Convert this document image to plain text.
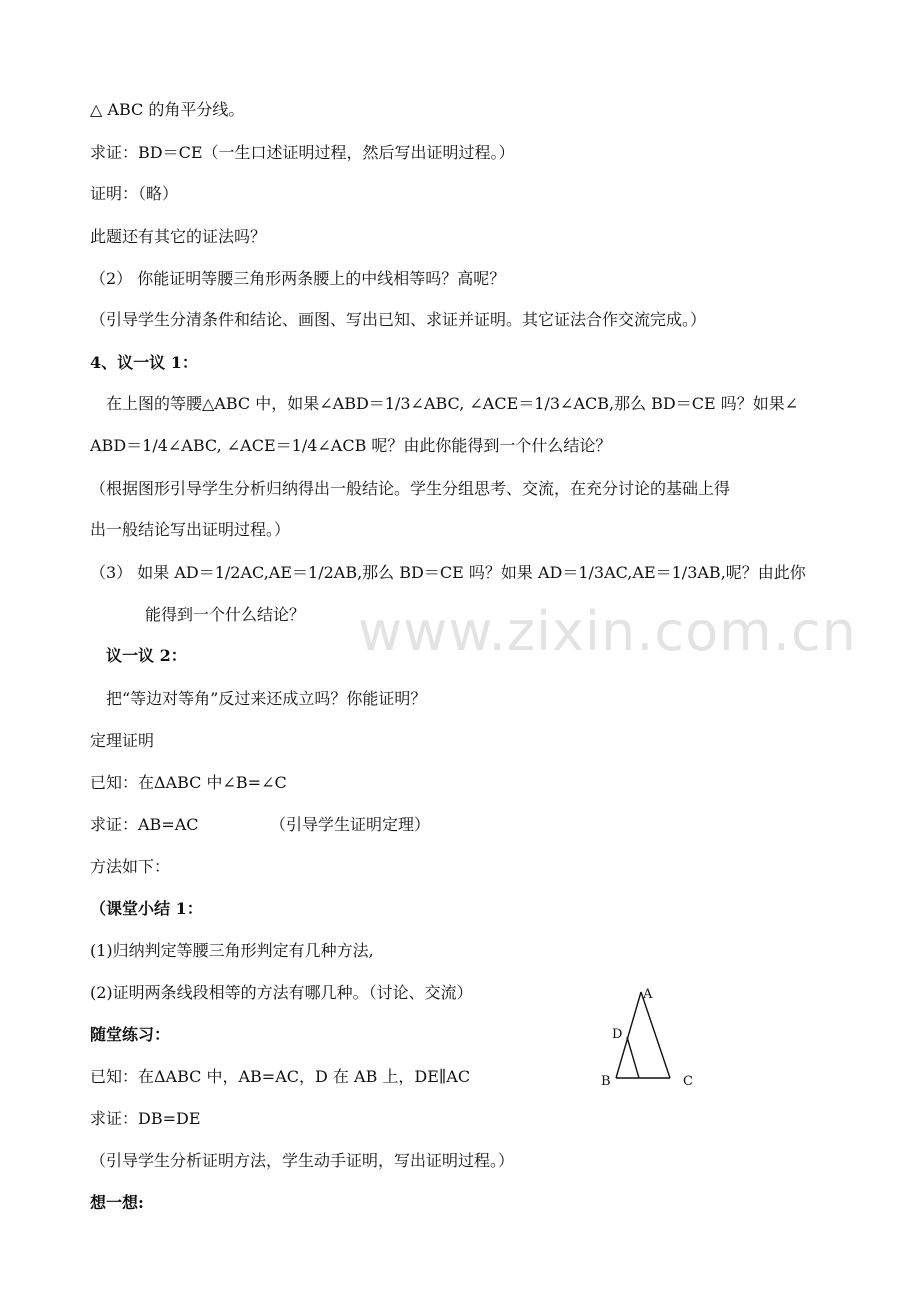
△ ABC 的角平分线。
求证：BD＝CE（一生口述证明过程，然后写出证明过程。）
证明：（略）
此题还有其它的证法吗？
（2） 你能证明等腰三角形两条腰上的中线相等吗？高呢？
（引导学生分清条件和结论、画图、写出已知、求证并证明。其它证法合作交流完成。）
4、议一议 1：
在上图的等腰△ABC 中，如果∠ABD＝1/3∠ABC, ∠ACE＝1/3∠ACB,那么 BD＝CE 吗？如果∠
ABD＝1/4∠ABC, ∠ACE＝1/4∠ACB 呢？由此你能得到一个什么结论？
（根据图形引导学生分析归纳得出一般结论。学生分组思考、交流，在充分讨论的基础上得
出一般结论写出证明过程。）
（3） 如果 AD＝1/2AC,AE＝1/2AB,那么 BD＝CE 吗？如果 AD＝1/3AC,AE＝1/3AB,呢？由此你
能得到一个什么结论？
议一议 2：
把“等边对等角”反过来还成立吗？你能证明？
定理证明
已知：在ΔABC 中∠B=∠C
求证：AB=AC	（引导学生证明定理）
方法如下：
（课堂小结 1：
(1)归纳判定等腰三角形判定有几种方法,
(2)证明两条线段相等的方法有哪几种。（讨论、交流）
随堂练习：
已知：在ΔABC 中，AB=AC，D 在 AB 上，DE∥AC
求证：DB=DE
（引导学生分析证明方法，学生动手证明，写出证明过程。）
想一想:
A
D
B	C
www.zixin.com.cn
